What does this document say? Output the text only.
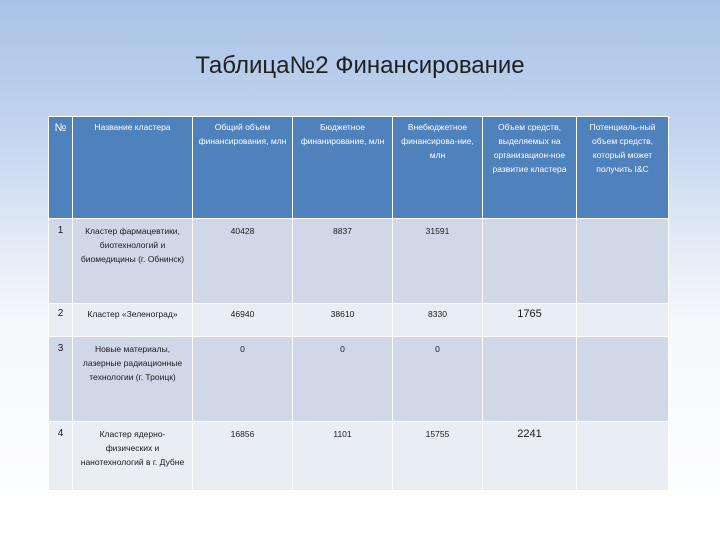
Таблица№2 Финансирование
№	Название кластера	Общий объем финансирования, млн	Бюджетное финанирование, млн	Внебюджетное финансирова-ние, млн	Объем средств, выделяемых на организацион-ное развитие кластера	Потенциаль-ный объем средств, который может получить I&C
1	Кластер фармацевтики, биотехнологий и биомедицины (г. Обнинск)	40428	8837	31591		
2	Кластер «Зеленоград»	46940	38610	8330	1765	
3	Новые материалы, лазерные радиационные технологии (г. Троицк)	0	0	0		
4	Кластер ядерно-физических и нанотехнологий в г. Дубне	16856	1101	15755	2241	
